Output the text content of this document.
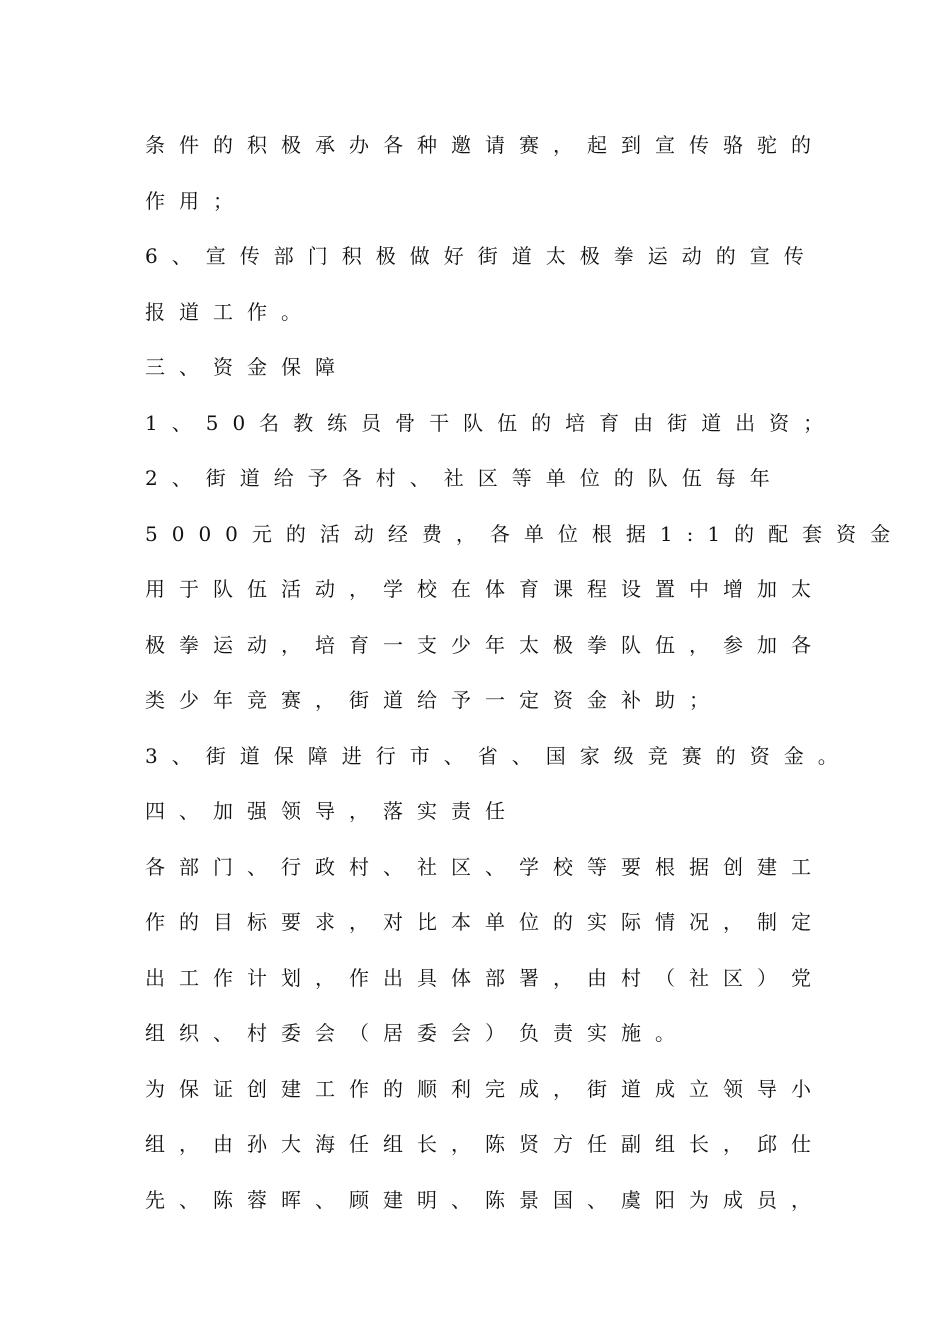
条件的积极承办各种邀请赛，起到宣传骆驼的

作用；

6、宣传部门积极做好街道太极拳运动的宣传

报道工作。

三、资金保障

1、50名教练员骨干队伍的培育由街道出资；

2、街道给予各村、社区等单位的队伍每年

5000元的活动经费，各单位根据1:1的配套资金

用于队伍活动，学校在体育课程设置中增加太

极拳运动，培育一支少年太极拳队伍，参加各

类少年竞赛，街道给予一定资金补助；

3、街道保障进行市、省、国家级竞赛的资金。

四、加强领导，落实责任

各部门、行政村、社区、学校等要根据创建工

作的目标要求，对比本单位的实际情况，制定

出工作计划，作出具体部署，由村（社区）党

组织、村委会（居委会）负责实施。

为保证创建工作的顺利完成，街道成立领导小

组，由孙大海任组长，陈贤方任副组长，邱仕

先、陈蓉晖、顾建明、陈景国、虞阳为成员，
